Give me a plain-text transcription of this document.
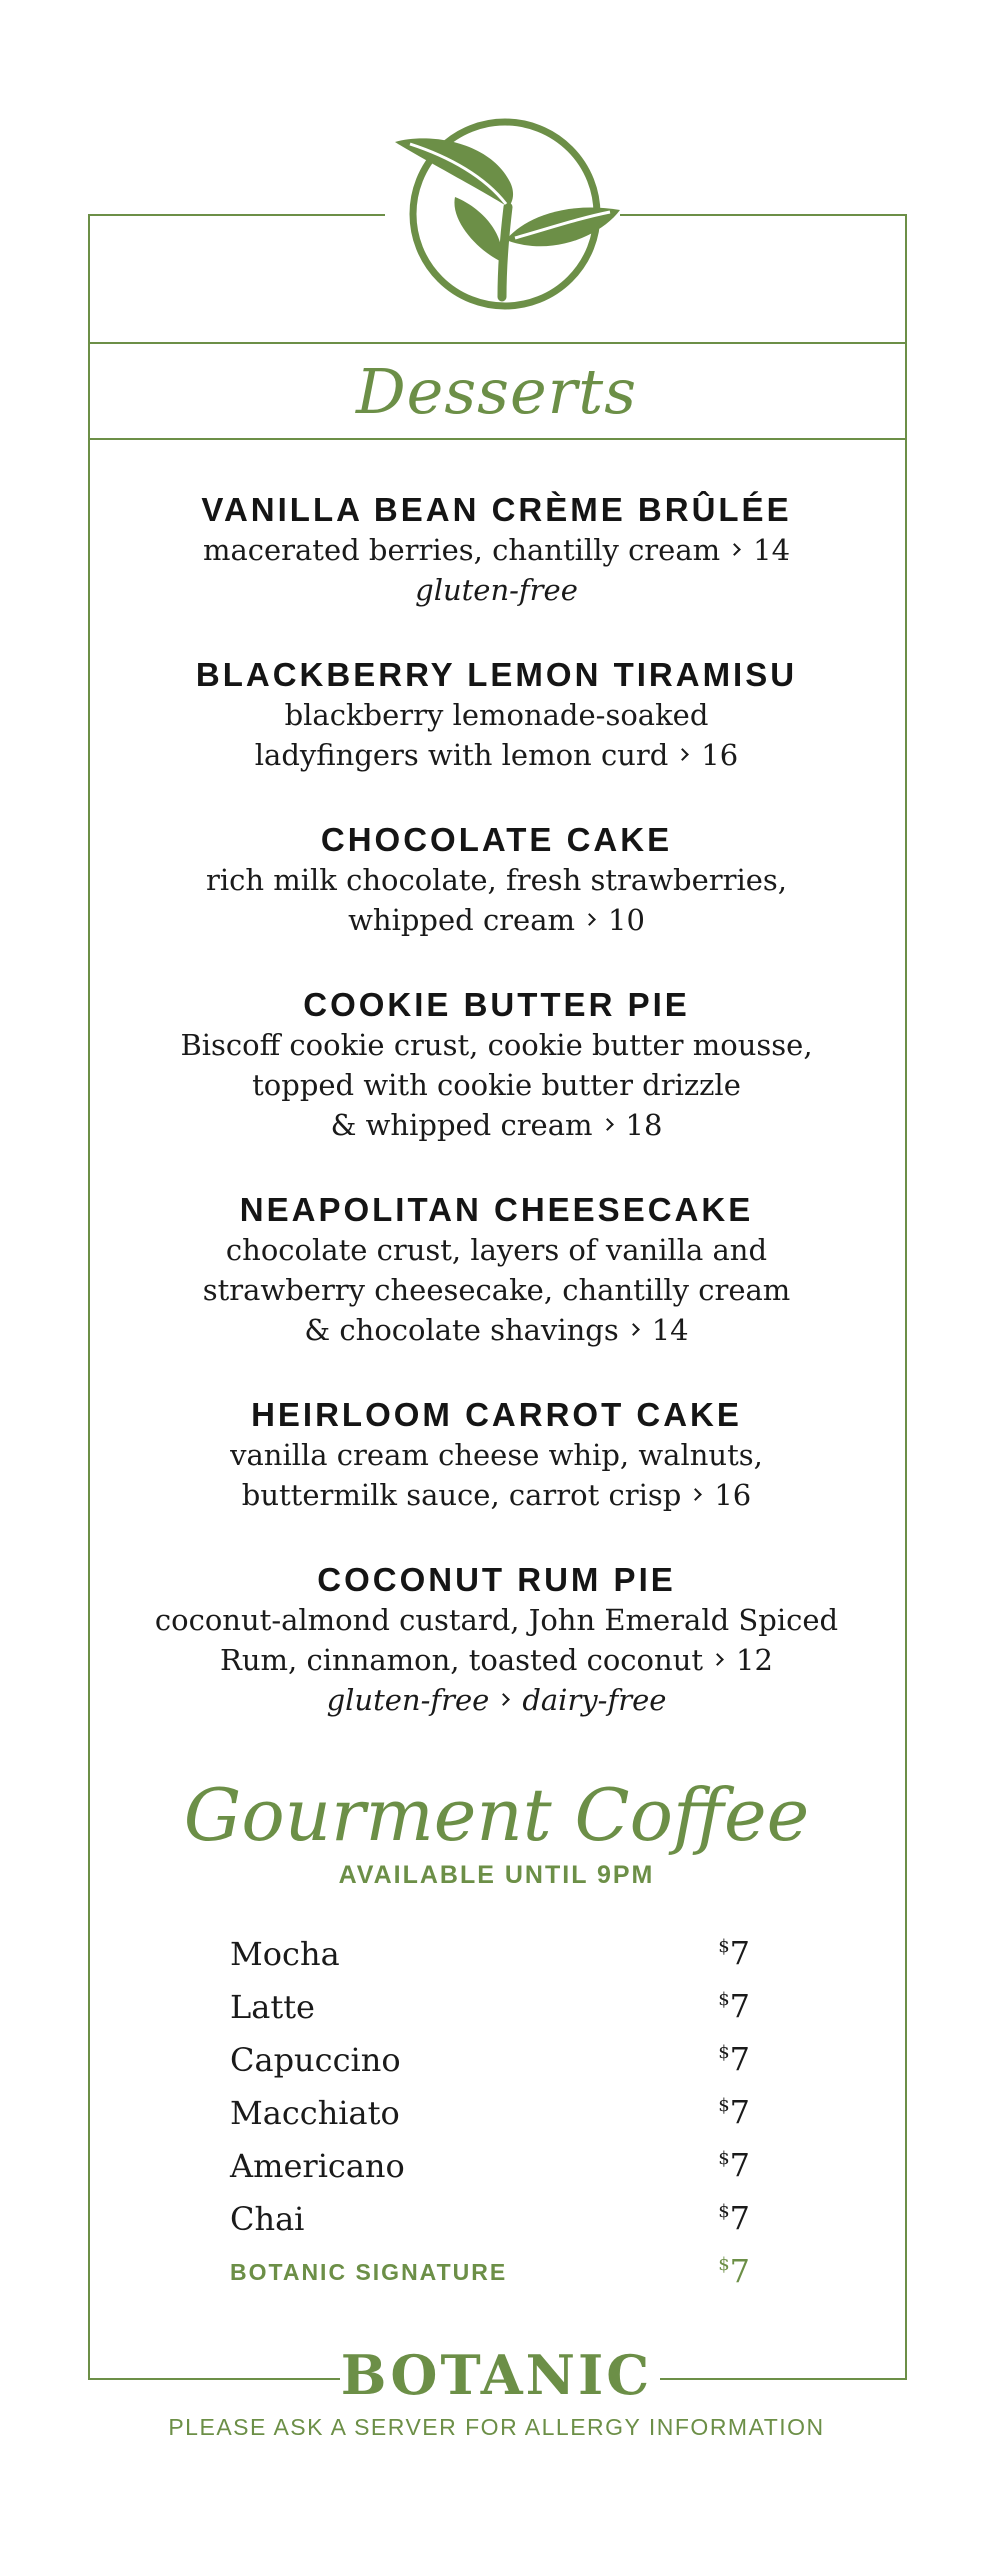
Desserts
VANILLA BEAN CRÈME BRÛLÉE
macerated berries, chantilly cream 14
gluten-free
BLACKBERRY LEMON TIRAMISU
blackberry lemonade-soaked
ladyfingers with lemon curd 16
CHOCOLATE CAKE
rich milk chocolate, fresh strawberries,
whipped cream 10
COOKIE BUTTER PIE
Biscoff cookie crust, cookie butter mousse,
topped with cookie butter drizzle
& whipped cream 18
NEAPOLITAN CHEESECAKE
chocolate crust, layers of vanilla and
strawberry cheesecake, chantilly cream
& chocolate shavings 14
HEIRLOOM CARROT CAKE
vanilla cream cheese whip, walnuts,
buttermilk sauce, carrot crisp 16
COCONUT RUM PIE
coconut-almond custard, John Emerald Spiced
Rum, cinnamon, toasted coconut 12
gluten-free dairy-free
Gourment Coffee
AVAILABLE UNTIL 9PM
Mocha	$7
Latte	$7
Capuccino	$7
Macchiato	$7
Americano	$7
Chai	$7
BOTANIC SIGNATURE	$7
BOTANIC
PLEASE ASK A SERVER FOR ALLERGY INFORMATION
